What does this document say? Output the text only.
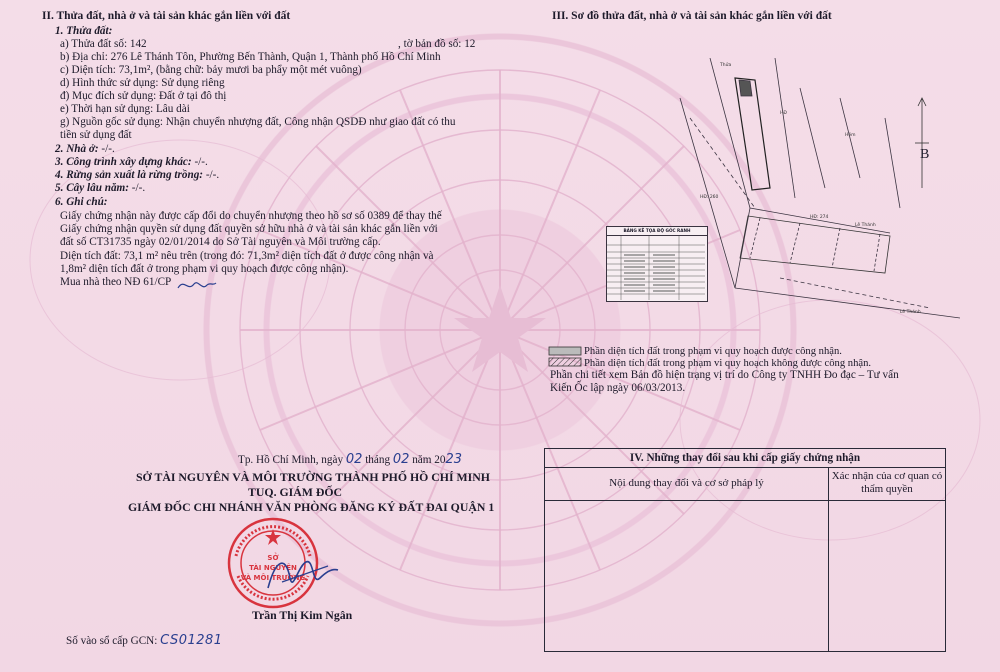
II. Thửa đất, nhà ở và tài sản khác gắn liền với đất
1. Thửa đất:
a) Thửa đất số: 142	, tờ bản đồ số: 12
b) Địa chỉ: 276 Lê Thánh Tôn, Phường Bến Thành, Quận 1, Thành phố Hồ Chí Minh
c) Diện tích: 73,1m², (bằng chữ: bảy mươi ba phẩy một mét vuông)
d) Hình thức sử dụng: Sử dụng riêng
đ) Mục đích sử dụng: Đất ở tại đô thị
e) Thời hạn sử dụng: Lâu dài
g) Nguồn gốc sử dụng: Nhận chuyển nhượng đất, Công nhận QSDĐ như giao đất có thu
tiền sử dụng đất
2. Nhà ở: -/-.
3. Công trình xây dựng khác: -/-.
4. Rừng sản xuất là rừng trồng: -/-.
5. Cây lâu năm: -/-.
6. Ghi chú:
Giấy chứng nhận này được cấp đổi do chuyển nhượng theo hồ sơ số 0389 để thay thế
Giấy chứng nhận quyền sử dụng đất quyền sở hữu nhà ở và tài sản khác gắn liền với
đất số CT31735 ngày 02/01/2014 do Sở Tài nguyên và Môi trường cấp.
Diện tích đất: 73,1 m² nêu trên (trong đó: 71,3m² diện tích đất ở được công nhận và
1,8m² diện tích đất ở trong phạm vi quy hoạch được công nhận).
Mua nhà theo NĐ 61/CP
III. Sơ đồ thửa đất, nhà ở và tài sản khác gắn liền với đất
Thửa
HĐ
Hẻm
HĐ: 260
HĐ: 274
Lê Thánh
Lê Thánh
B
BẢNG KÊ TỌA ĐỘ GÓC RANH
Phần diện tích đất trong phạm vi quy hoạch được công nhận.
Phần diện tích đất trong phạm vi quy hoạch không được công nhận.
Phần chi tiết xem Bản đồ hiện trạng vị trí do Công ty TNHH Đo đạc – Tư vấn
Kiến Ốc lập ngày 06/03/2013.
Tp. Hồ Chí Minh, ngày 02 tháng 02 năm 2023
SỞ TÀI NGUYÊN VÀ MÔI TRƯỜNG THÀNH PHỐ HỒ CHÍ MINH
TUQ. GIÁM ĐỐC
GIÁM ĐỐC CHI NHÁNH VĂN PHÒNG ĐĂNG KÝ ĐẤT ĐAI QUẬN 1
SỞ
TÀI NGUYÊN
VÀ MÔI TRƯỜNG
Trần Thị Kim Ngân
Số vào sổ cấp GCN: CS01281
IV. Những thay đổi sau khi cấp giấy chứng nhận
Nội dung thay đổi và cơ sở pháp lý
Xác nhận của cơ quan có thẩm quyền
